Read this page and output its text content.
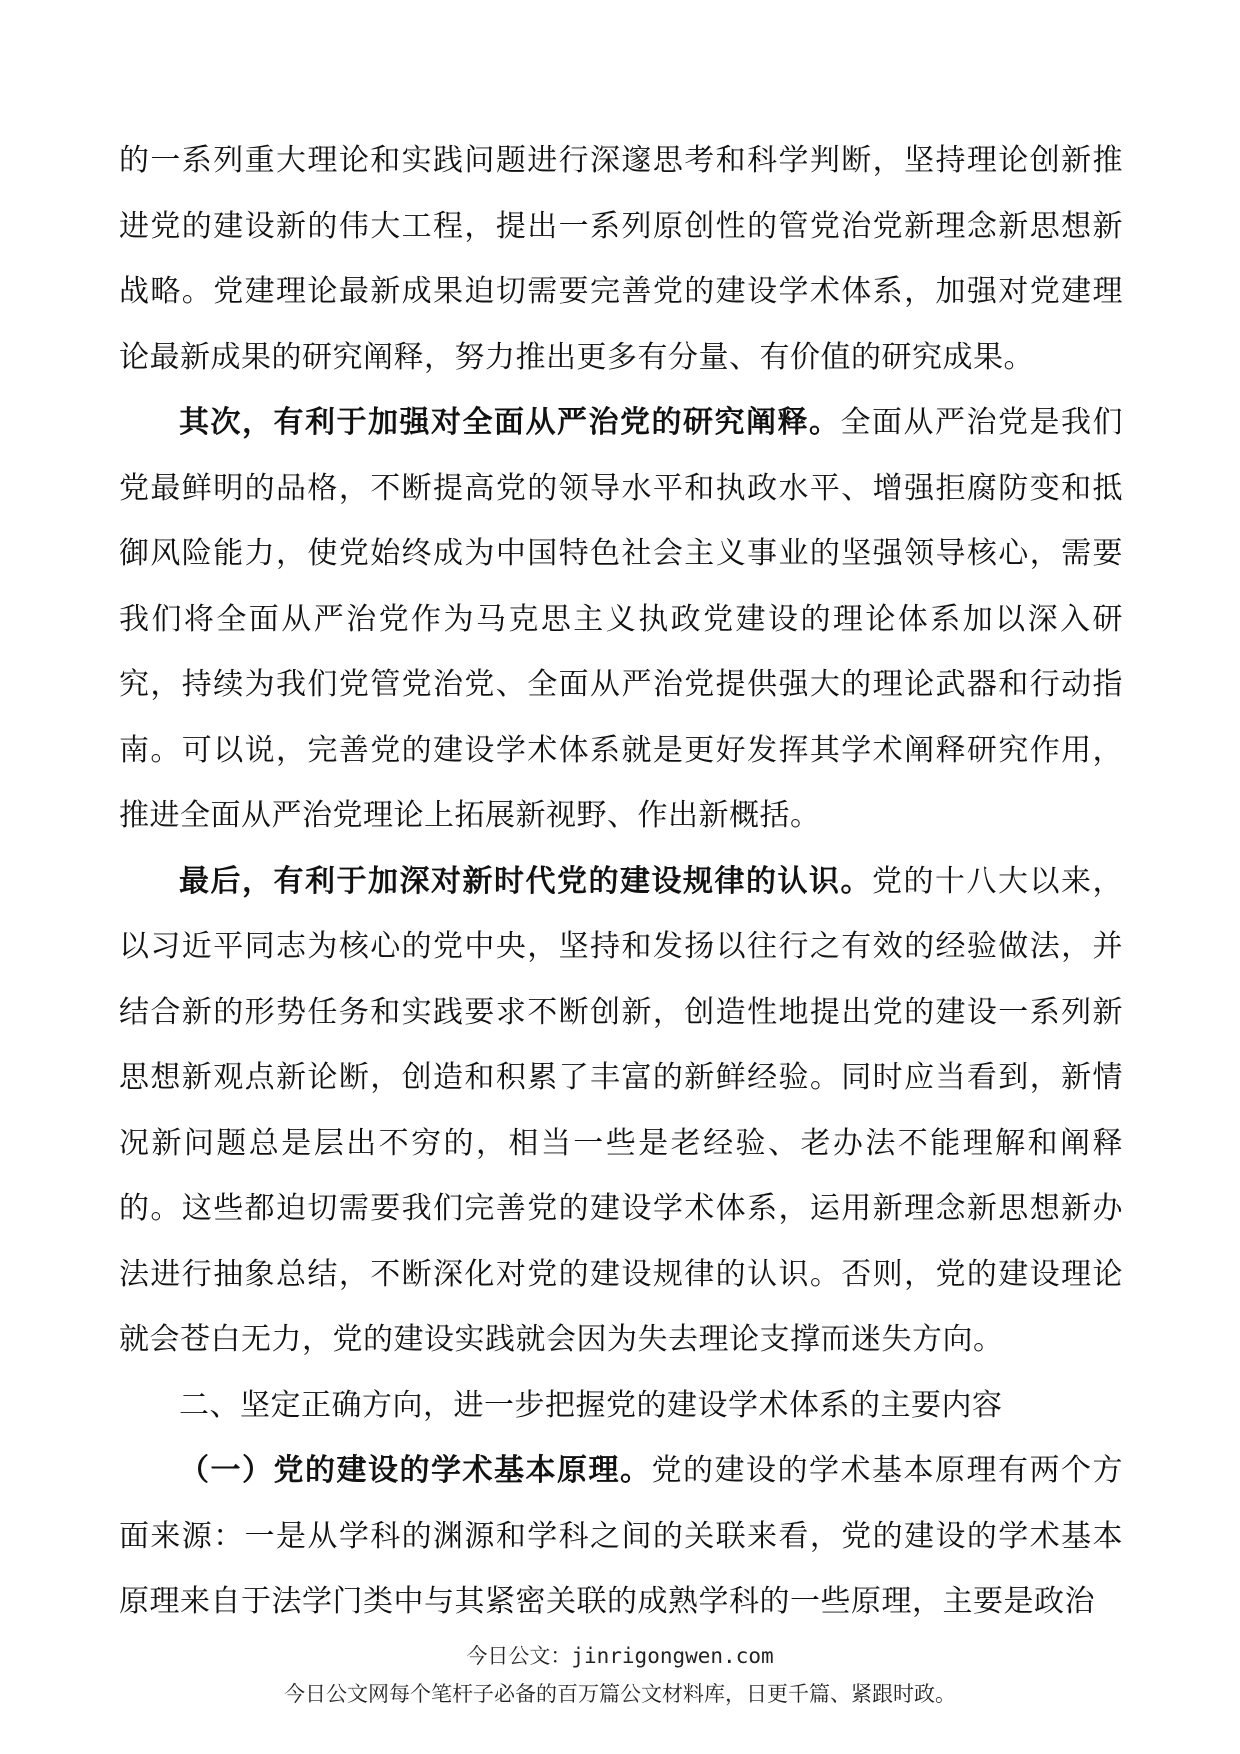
的一系列重大理论和实践问题进行深邃思考和科学判断，坚持理论创新推进党的建设新的伟大工程，提出一系列原创性的管党治党新理念新思想新战略。党建理论最新成果迫切需要完善党的建设学术体系，加强对党建理论最新成果的研究阐释，努力推出更多有分量、有价值的研究成果。

其次，有利于加强对全面从严治党的研究阐释。全面从严治党是我们党最鲜明的品格，不断提高党的领导水平和执政水平、增强拒腐防变和抵御风险能力，使党始终成为中国特色社会主义事业的坚强领导核心，需要我们将全面从严治党作为马克思主义执政党建设的理论体系加以深入研究，持续为我们党管党治党、全面从严治党提供强大的理论武器和行动指南。可以说，完善党的建设学术体系就是更好发挥其学术阐释研究作用，推进全面从严治党理论上拓展新视野、作出新概括。

最后，有利于加深对新时代党的建设规律的认识。党的十八大以来，以习近平同志为核心的党中央，坚持和发扬以往行之有效的经验做法，并结合新的形势任务和实践要求不断创新，创造性地提出党的建设一系列新思想新观点新论断，创造和积累了丰富的新鲜经验。同时应当看到，新情况新问题总是层出不穷的，相当一些是老经验、老办法不能理解和阐释的。这些都迫切需要我们完善党的建设学术体系，运用新理念新思想新办法进行抽象总结，不断深化对党的建设规律的认识。否则，党的建设理论就会苍白无力，党的建设实践就会因为失去理论支撑而迷失方向。

二、坚定正确方向，进一步把握党的建设学术体系的主要内容

（一）党的建设的学术基本原理。党的建设的学术基本原理有两个方面来源：一是从学科的渊源和学科之间的关联来看，党的建设的学术基本原理来自于法学门类中与其紧密关联的成熟学科的一些原理，主要是政治

今日公文：jinrigongwen.com
今日公文网每个笔杆子必备的百万篇公文材料库，日更千篇、紧跟时政。
